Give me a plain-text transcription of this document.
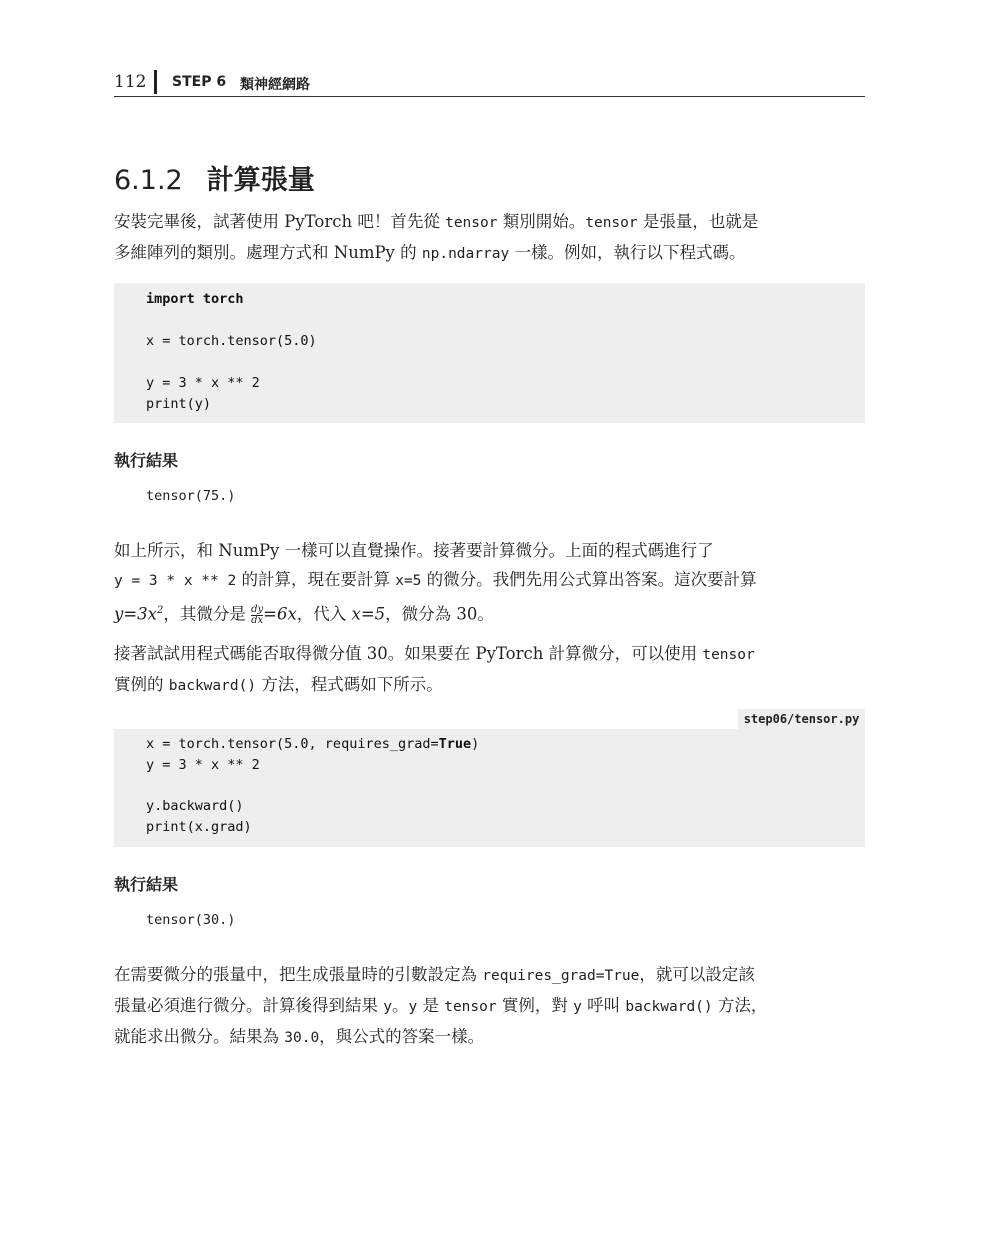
112 STEP 6 類神經網路
6.1.2 計算張量

安裝完畢後，試著使用 PyTorch 吧！首先從 tensor 類別開始。tensor 是張量，也就是

多維陣列的類別。處理方式和 NumPy 的 np.ndarray 一樣。例如，執行以下程式碼。

import torch
x = torch.tensor(5.0)
y = 3 * x ** 2
print(y)
執行結果
tensor(75.)

如上所示，和 NumPy 一樣可以直覺操作。接著要計算微分。上面的程式碼進行了

y = 3 * x ** 2 的計算，現在要計算 x=5 的微分。我們先用公式算出答案。這次要計算

$y=3x^2$，其微分是 $\frac{dy}{dx} =6x$，代入 x=5，微分為 30。

接著試試用程式碼能否取得微分值 30。如果要在 PyTorch 計算微分，可以使用 tensor

實例的 backward() 方法，程式碼如下所示。

step06/tensor.py
x = torch.tensor(5.0, requires_grad=True)
y = 3 * x ** 2
y.backward()
print(x.grad)
執行結果
tensor(30.)

在需要微分的張量中，把生成張量時的引數設定為 requires_grad=True，就可以設定該

張量必須進行微分。計算後得到結果 y。y 是 tensor 實例，對 y 呼叫 backward() 方法，

就能求出微分。結果為 30.0，與公式的答案一樣。
